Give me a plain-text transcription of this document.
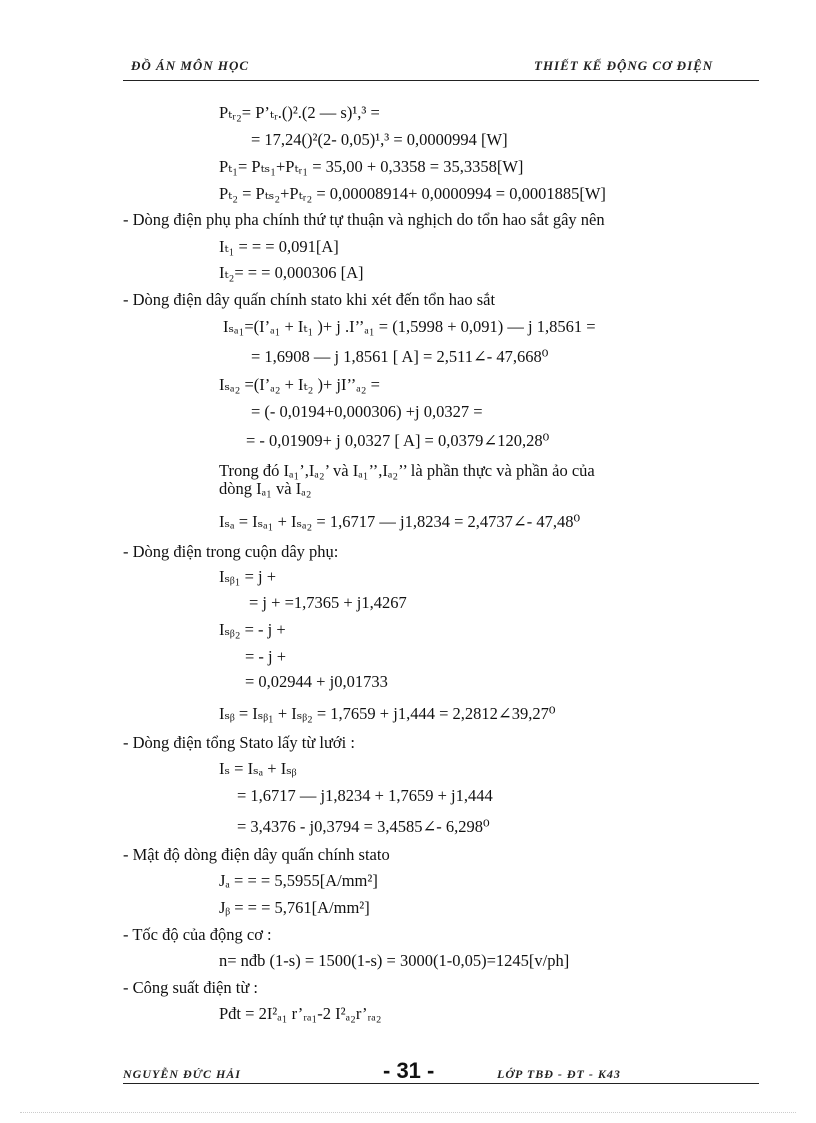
ĐỒ ÁN MÔN HỌC	THIẾT KẾ ĐỘNG CƠ ĐIỆN
Pₜᵣ₂= P’ₜᵣ.()².(2 — s)¹,³ =
= 17,24()²(2- 0,05)¹,³ = 0,0000994 [W]
Pₜ₁= Pₜₛ₁+Pₜᵣ₁ = 35,00 + 0,3358 = 35,3358[W]
Pₜ₂ = Pₜₛ₂+Pₜᵣ₂ = 0,00008914+ 0,0000994 = 0,0001885[W]
- Dòng điện phụ pha chính thứ tự thuận và nghịch do tổn hao sắt gây nên
Iₜ₁ = = = 0,091[A]
Iₜ₂= = = 0,000306 [A]
- Dòng điện dây quấn chính stato khi xét đến tổn hao sắt
Iₛₐ₁=(I’ₐ₁ + Iₜ₁ )+ j .I’’ₐ₁ = (1,5998 + 0,091) — j 1,8561 =
= 1,6908 — j 1,8561 [ A] = 2,511∠- 47,668⁰
Iₛₐ₂ =(I’ₐ₂ + Iₜ₂ )+ jI’’ₐ₂ =
= (- 0,0194+0,000306) +j 0,0327 =
= - 0,01909+ j 0,0327 [ A] = 0,0379∠120,28⁰
Trong đó Iₐ₁’,Iₐ₂’ và Iₐ₁’’,Iₐ₂’’ là phần thực và phần ảo của
dòng Iₐ₁ và Iₐ₂
Iₛₐ = Iₛₐ₁ + Iₛₐ₂ = 1,6717 — j1,8234 = 2,4737∠- 47,48⁰
- Dòng điện trong cuộn dây phụ:
Iₛᵦ₁ = j +
= j + =1,7365 + j1,4267
Iₛᵦ₂ = - j +
= - j +
= 0,02944 + j0,01733
Iₛᵦ = Iₛᵦ₁ + Iₛᵦ₂ = 1,7659 + j1,444 = 2,2812∠39,27⁰
- Dòng điện tổng Stato lấy từ lưới :
Iₛ = Iₛₐ + Iₛᵦ
= 1,6717 — j1,8234 + 1,7659 + j1,444
= 3,4376 - j0,3794 = 3,4585∠- 6,298⁰
- Mật độ dòng điện dây quấn chính stato
Jₐ = = = 5,5955[A/mm²]
Jᵦ = = = 5,761[A/mm²]
- Tốc độ của động cơ :
n= nđb (1-s) = 1500(1-s) = 3000(1-0,05)=1245[v/ph]
- Công suất điện từ :
Pđt = 2I²ₐ₁ r’ᵣₐ₁-2 I²ₐ₂r’ᵣₐ₂
NGUYỄN ĐỨC HẢI	- 31 -	LỚP TBĐ - ĐT - K43
